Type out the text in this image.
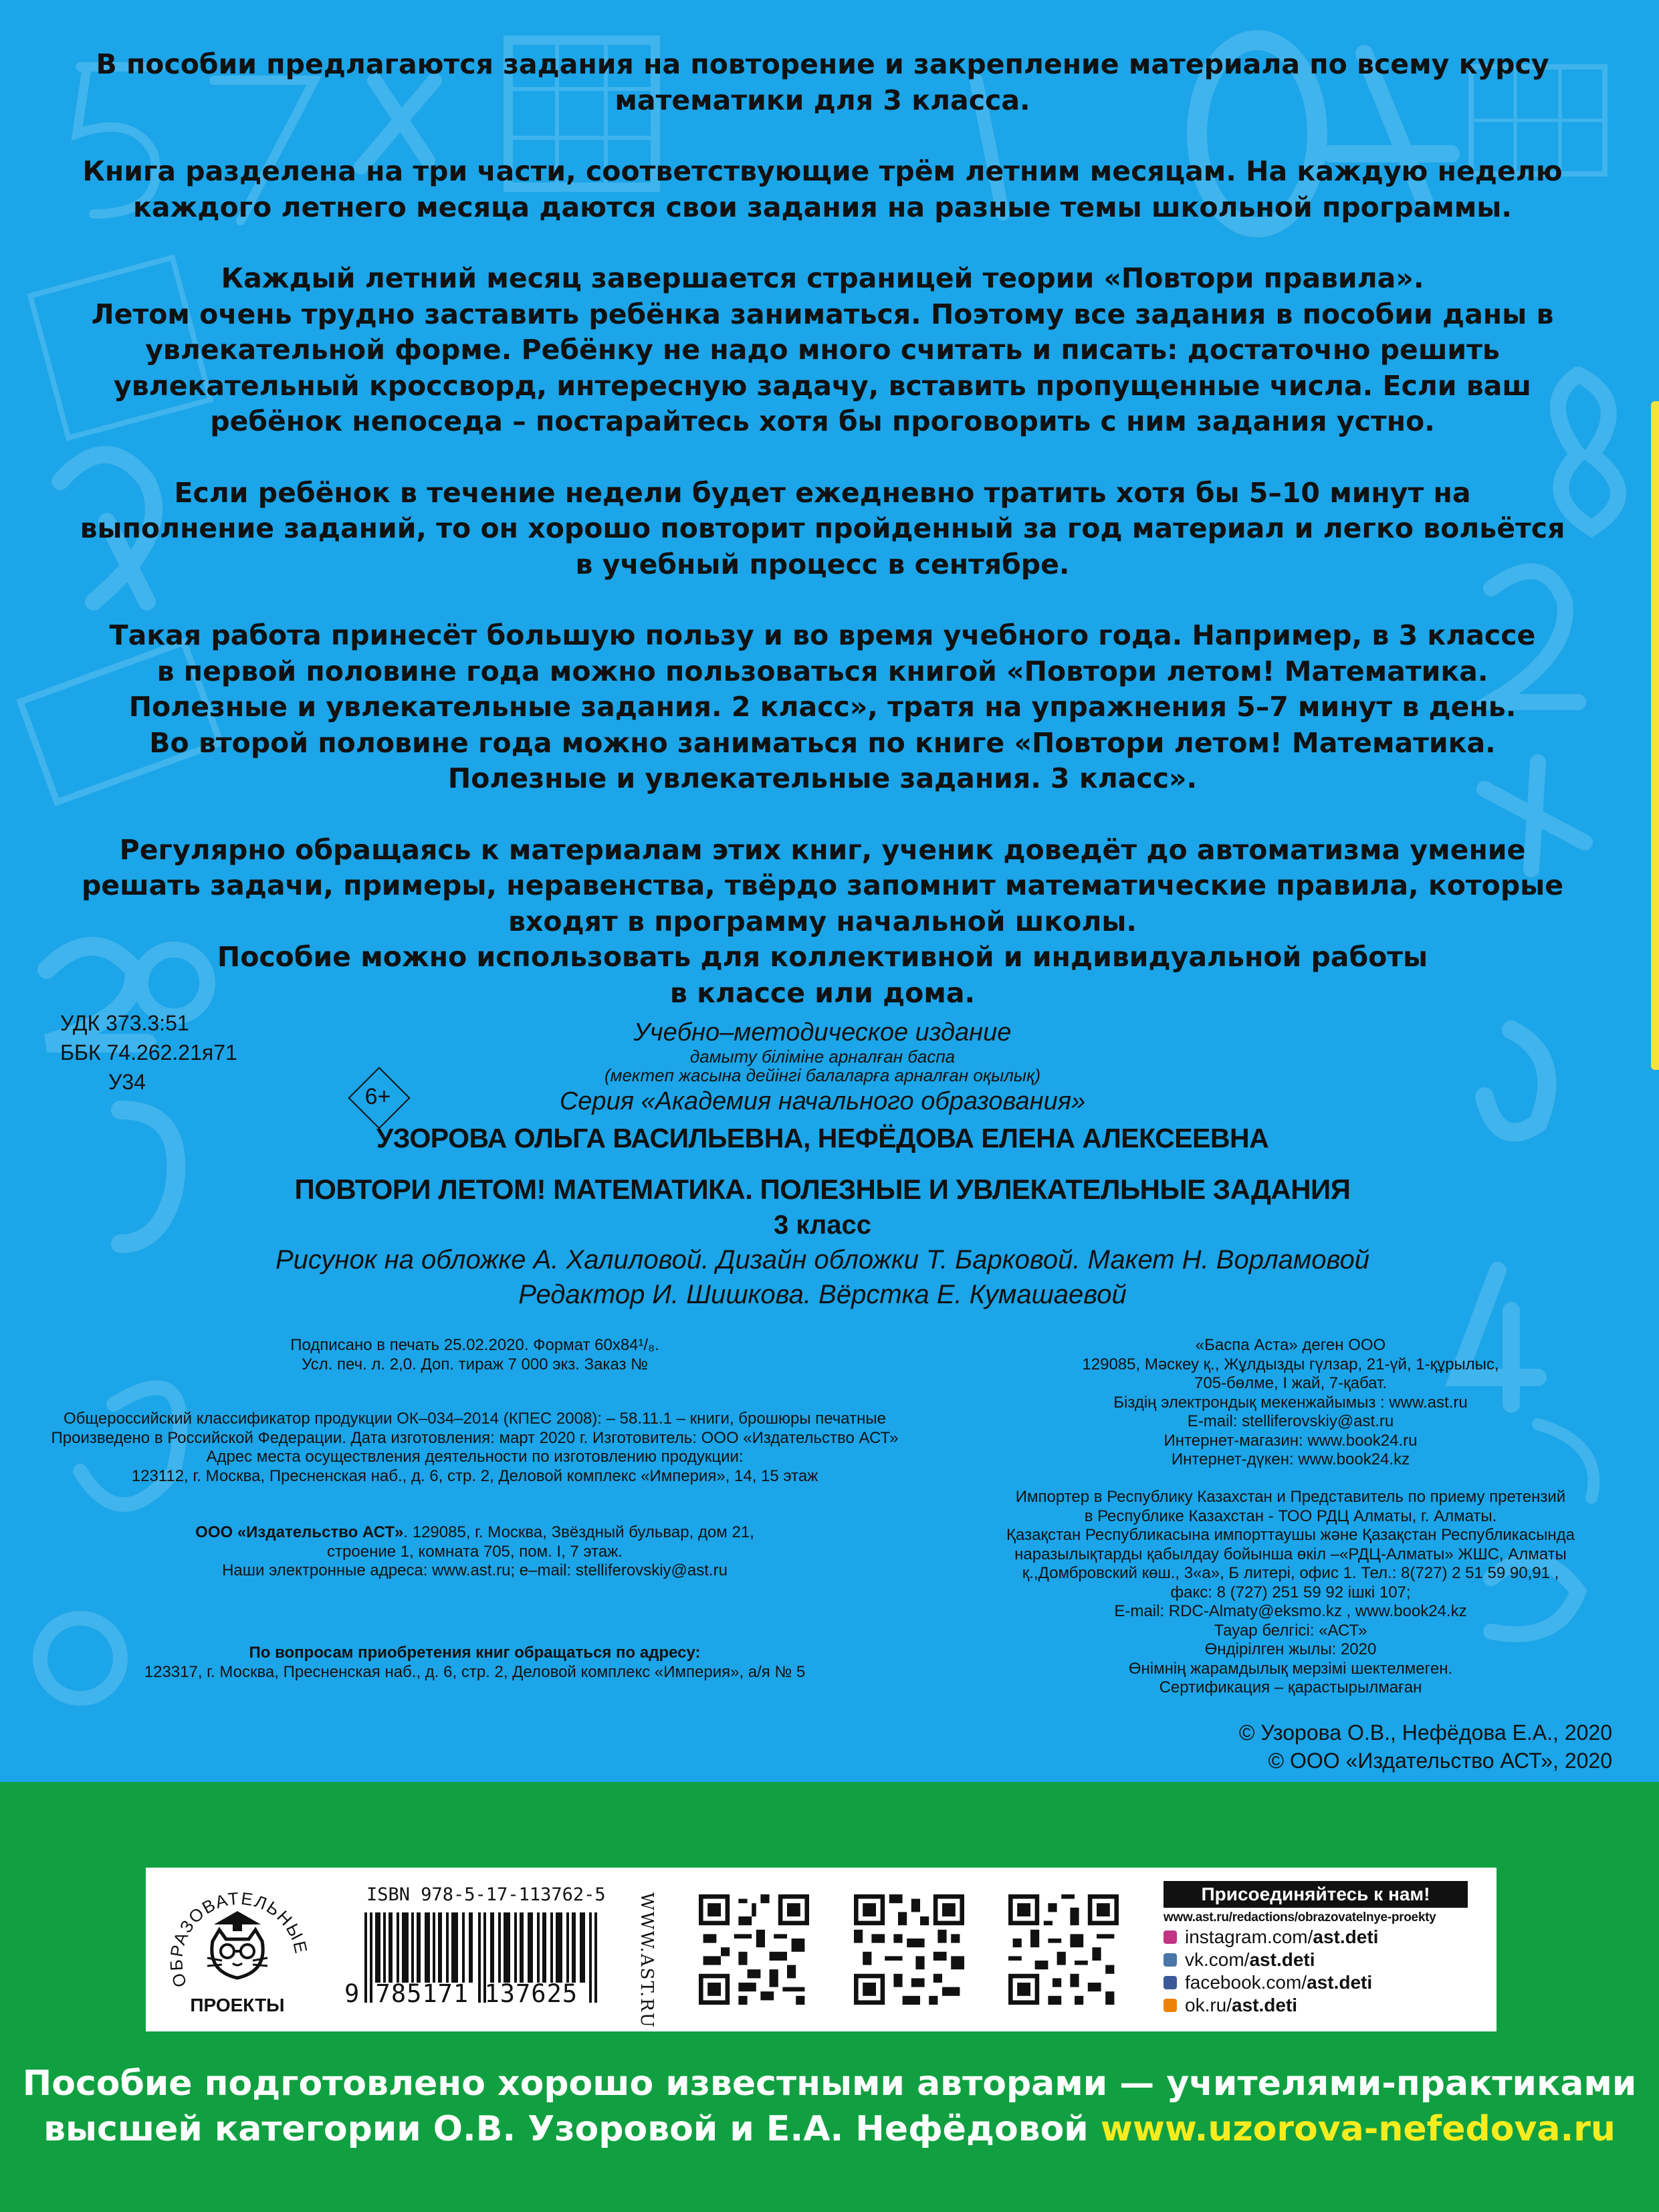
В пособии предлагаются задания на повторение и закрепление материала по всему курсу
математики для 3 класса.

Книга разделена на три части, соответствующие трём летним месяцам. На каждую неделю
каждого летнего месяца даются свои задания на разные темы школьной программы.

Каждый летний месяц завершается страницей теории «Повтори правила».
Летом очень трудно заставить ребёнка заниматься. Поэтому все задания в пособии даны в
увлекательной форме. Ребёнку не надо много считать и писать: достаточно решить
увлекательный кроссворд, интересную задачу, вставить пропущенные числа. Если ваш
ребёнок непоседа – постарайтесь хотя бы проговорить с ним задания устно.

Если ребёнок в течение недели будет ежедневно тратить хотя бы 5–10 минут на
выполнение заданий, то он хорошо повторит пройденный за год материал и легко вольётся
в учебный процесс в сентябре.

Такая работа принесёт большую пользу и во время учебного года. Например, в 3 классе
в первой половине года можно пользоваться книгой «Повтори летом! Математика.
Полезные и увлекательные задания. 2 класс», тратя на упражнения 5–7 минут в день.
Во второй половине года можно заниматься по книге «Повтори летом! Математика.
Полезные и увлекательные задания. 3 класс».

Регулярно обращаясь к материалам этих книг, ученик доведёт до автоматизма умение
решать задачи, примеры, неравенства, твёрдо запомнит математические правила, которые
входят в программу начальной школы.
Пособие можно использовать для коллективной и индивидуальной работы
в классе или дома.

УДК 373.3:51
ББК 74.262.21я71
У34
6+
Учебно–методическое издание
дамыту біліміне арналған баспа
(мектеп жасына дейінгі балаларға арналған оқылық)
Серия «Академия начального образования»
УЗОРОВА ОЛЬГА ВАСИЛЬЕВНА, НЕФЁДОВА ЕЛЕНА АЛЕКСЕЕВНА
ПОВТОРИ ЛЕТОМ! МАТЕМАТИКА. ПОЛЕЗНЫЕ И УВЛЕКАТЕЛЬНЫЕ ЗАДАНИЯ
3 класс
Рисунок на обложке А. Халиловой. Дизайн обложки Т. Барковой. Макет Н. Ворламовой
Редактор И. Шишкова. Вёрстка Е. Кумашаевой
Подписано в печать 25.02.2020. Формат 60x84¹/₈.
Усл. печ. л. 2,0. Доп. тираж 7 000 экз. Заказ №
Общероссийский классификатор продукции ОК–034–2014 (КПЕС 2008): – 58.11.1 – книги, брошюры печатные
Произведено в Российской Федерации. Дата изготовления: март 2020 г. Изготовитель: ООО «Издательство АСТ»
Адрес места осуществления деятельности по изготовлению продукции:
123112, г. Москва, Пресненская наб., д. 6, стр. 2, Деловой комплекс «Империя», 14, 15 этаж
ООО «Издательство АСТ». 129085, г. Москва, Звёздный бульвар, дом 21,
строение 1, комната 705, пом. I, 7 этаж.
Наши электронные адреса: www.ast.ru; e–mail: stelliferovskiy@ast.ru
По вопросам приобретения книг обращаться по адресу:
123317, г. Москва, Пресненская наб., д. 6, стр. 2, Деловой комплекс «Империя», а/я № 5
«Баспа Аста» деген ООО
129085, Мәскеу қ., Жұлдызды гүлзар, 21-үй, 1-құрылыс,
705-бөлме, I жай, 7-қабат.
Біздің электрондық мекенжайымыз : www.ast.ru
E-mail: stelliferovskiy@ast.ru
Интернет-магазин: www.book24.ru
Интернет-дүкен: www.book24.kz
Импортер в Республику Казахстан и Представитель по приему претензий
в Республике Казахстан - ТОО РДЦ Алматы, г. Алматы.
Қазақстан Республикасына импорттаушы және Қазақстан Республикасында
наразылықтарды қабылдау бойынша өкіл –«РДЦ-Алматы» ЖШС, Алматы
қ.,Домбровский көш., 3«а», Б литері, офис 1. Тел.: 8(727) 2 51 59 90,91 ,
факс: 8 (727) 251 59 92 ішкі 107;
E-mail: RDC-Almaty@eksmo.kz , www.book24.kz
Тауар белгісі: «АСТ»
Өндірілген жылы: 2020
Өнімнің жарамдылық мерзімі шектелмеген.
Сертификация – қарастырылмаған
© Узорова О.В., Нефёдова Е.А., 2020
© ООО «Издательство АСТ», 2020
ОБРАЗОВАТЕЛЬНЫЕ
ПРОЕКТЫ
ISBN 978-5-17-113762-5
9 785171 137625	WWW.AST.RU	Присоединяйтесь к нам!
www.ast.ru/redactions/obrazovatelnye-proekty
instagram.com/ ast.deti
vk.com/ ast.deti
facebook.com/ ast.deti
ok.ru/ ast.deti
Пособие подготовлено хорошо известными авторами — учителями-практиками
высшей категории О.В. Узоровой и Е.А. Нефёдовой www.uzorova-nefedova.ru
